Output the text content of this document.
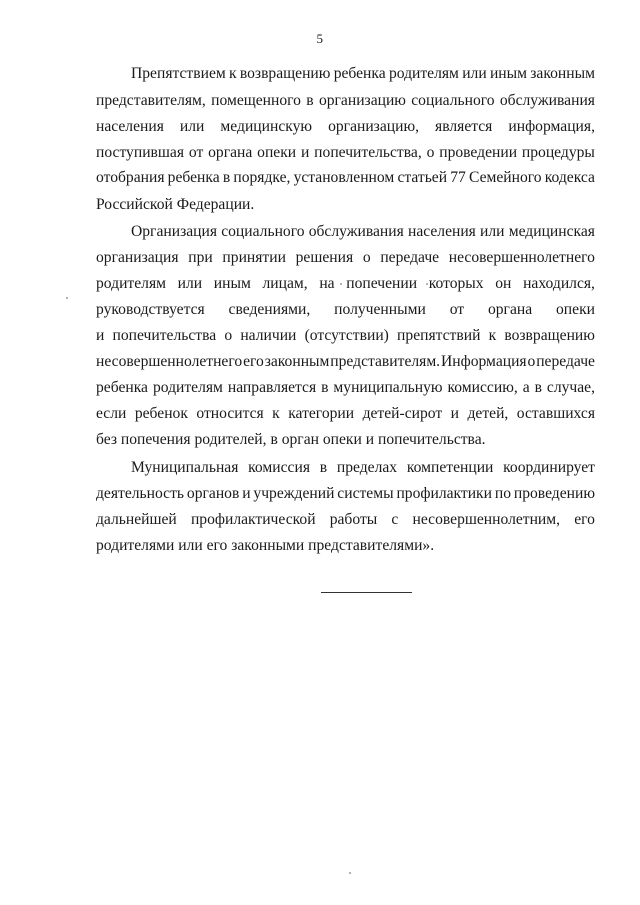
5
Препятствием к возвращению ребенка родителям или иным законным
представителям, помещенного в организацию социального обслуживания
населения или медицинскую организацию, является информация,
поступившая от органа опеки и попечительства, о проведении процедуры
отобрания ребенка в порядке, установленном статьей 77 Семейного кодекса
Российской Федерации.
Организация социального обслуживания населения или медицинская
организация при принятии решения о передаче несовершеннолетнего
родителям или иным лицам, на попечении которых он находился,
руководствуется сведениями, полученными от органа опеки
и попечительства о наличии (отсутствии) препятствий к возвращению
несовершеннолетнего его законным представителям. Информация о передаче
ребенка родителям направляется в муниципальную комиссию, а в случае,
если ребенок относится к категории детей-сирот и детей, оставшихся
без попечения родителей, в орган опеки и попечительства.
Муниципальная комиссия в пределах компетенции координирует
деятельность органов и учреждений системы профилактики по проведению
дальнейшей профилактической работы с несовершеннолетним, его
родителями или его законными представителями».
